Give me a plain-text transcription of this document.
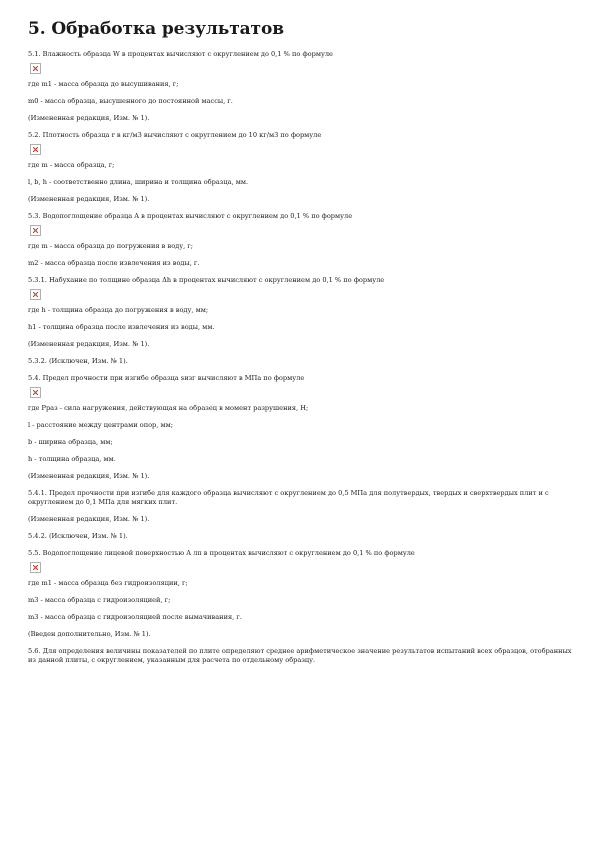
5. Обработка результатов

5.1. Влажность образца W в процентах вычисляют с округлением до 0,1 % по формуле

где m1 - масса образца до высушивания, г;

m0 - масса образца, высушенного до постоянной массы, г.

(Измененная редакция, Изм. № 1).

5.2. Плотность образца r в кг/м3 вычисляют с округлением до 10 кг/м3 по формуле

где m - масса образца, г;

l, b, h - соответственно длина, ширина и толщина образца, мм.

(Измененная редакция, Изм. № 1).

5.3. Водопоглощение образца A в процентах вычисляют с округлением до 0,1 % по формуле

где m - масса образца до погружения в воду, г;

m2 - масса образца после извлечения из воды, г.

5.3.1. Набухание по толщине образца Δh в процентах вычисляют с округлением до 0,1 % по формуле

где h - толщина образца до погружения в воду, мм;

h1 - толщина образца после извлечения из воды, мм.

(Измененная редакция, Изм. № 1).

5.3.2. (Исключен, Изм. № 1).

5.4. Предел прочности при изгибе образца sизг вычисляют в МПа по формуле

где Pраз - сила нагружения, действующая на образец в момент разрушения, Н;

l - расстояние между центрами опор, мм;

b - ширина образца, мм;

h - толщина образца, мм.

(Измененная редакция, Изм. № 1).

5.4.1. Предел прочности при изгибе для каждого образца вычисляют с округлением до 0,5 МПа для полутвердых, твердых и сверхтвердых плит и с округлением до 0,1 МПа для мягких плит.

(Измененная редакция, Изм. № 1).

5.4.2. (Исключен, Изм. № 1).

5.5. Водопоглощение лицевой поверхностью A лп в процентах вычисляют с округлением до 0,1 % по формуле

где m1 - масса образца без гидроизоляции, г;

m3 - масса образца с гидроизоляцией, г;

m3 - масса образца с гидроизоляцией после вымачивания, г.

(Введен дополнительно, Изм. № 1).

5.6. Для определения величины показателей по плите определяют среднее арифметическое значение результатов испытаний всех образцов, отобранных из данной плиты, с округлением, указанным для расчета по отдельному образцу.
